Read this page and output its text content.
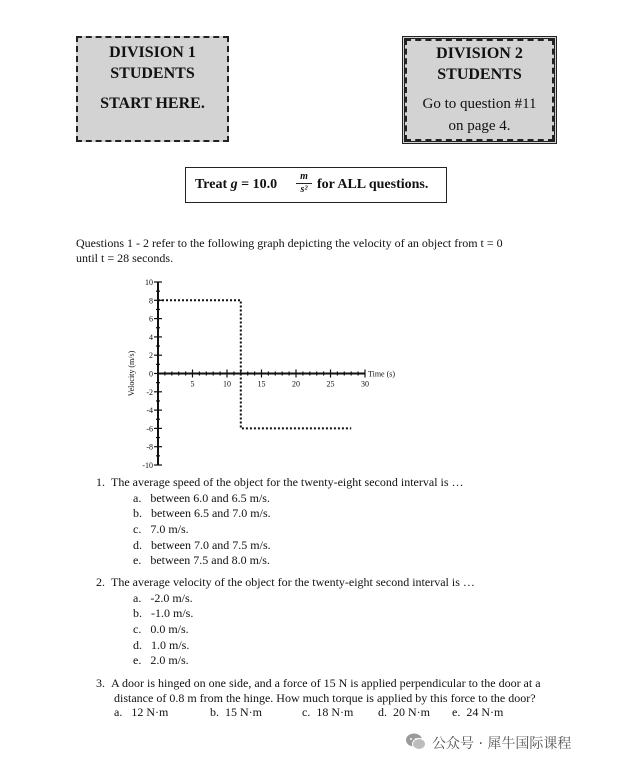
DIVISION 1
STUDENTS
START HERE.
DIVISION 2
STUDENTS
Go to question #11
on page 4.
Treat $g = 10.0 \frac{m}{\text{s²}}$ for ALL questions.
Questions 1 - 2 refer to the following graph depicting the velocity of an object from t = 0
until t = 28 seconds.
10
8
6
4
2
0
-2
-4
-6
-8
-10
5	10	15	20	25	30
Time (s)
Velocity (m/s)
1. The average speed of the object for the twenty-eight second interval is …
a. between 6.0 and 6.5 m/s.
b. between 6.5 and 7.0 m/s.
c. 7.0 m/s.
d. between 7.0 and 7.5 m/s.
e. between 7.5 and 8.0 m/s.
2. The average velocity of the object for the twenty-eight second interval is …
a. -2.0 m/s.
b. -1.0 m/s.
c. 0.0 m/s.
d. 1.0 m/s.
e. 2.0 m/s.
3. A door is hinged on one side, and a force of 15 N is applied perpendicular to the door at a
distance of 0.8 m from the hinge. How much torque is applied by this force to the door?
a. 12 N·m	b. 15 N·m	c. 18 N·m d. 20 N·m e. 24 N·m
公众号 · 犀牛国际课程
